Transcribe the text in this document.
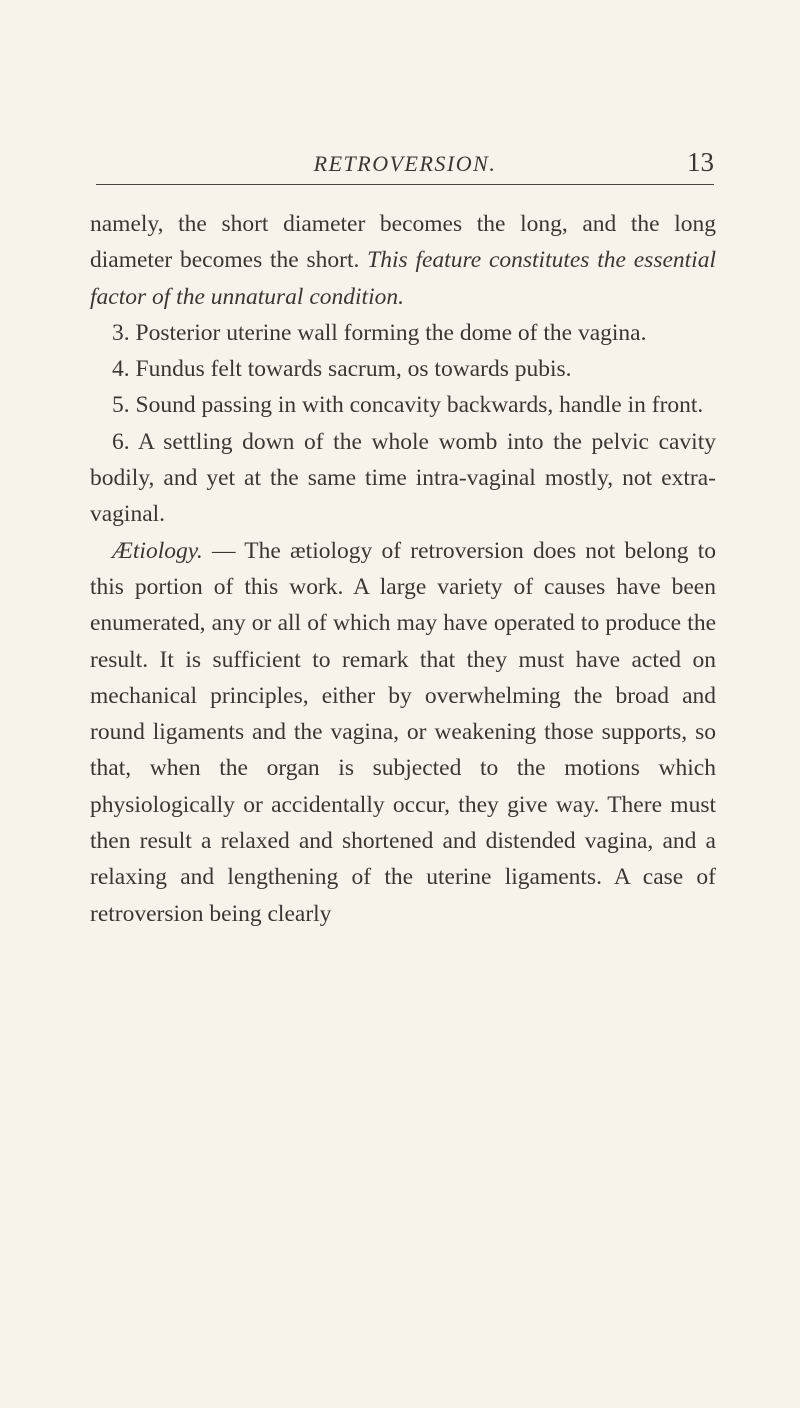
RETROVERSION.	13

namely, the short diameter becomes the long, and the long diameter becomes the short. This feature constitutes the essential factor of the unnatural condition.

3. Posterior uterine wall forming the dome of the vagina.

4. Fundus felt towards sacrum, os towards pubis.

5. Sound passing in with concavity backwards, handle in front.

6. A settling down of the whole womb into the pelvic cavity bodily, and yet at the same time intra-vaginal mostly, not extra-vaginal.

Ætiology. — The ætiology of retroversion does not belong to this portion of this work. A large variety of causes have been enumerated, any or all of which may have operated to produce the result. It is sufficient to remark that they must have acted on mechanical principles, either by overwhelming the broad and round ligaments and the vagina, or weakening those supports, so that, when the organ is subjected to the motions which physiologically or accidentally occur, they give way. There must then result a relaxed and shortened and distended vagina, and a relaxing and lengthening of the uterine ligaments. A case of retroversion being clearly
